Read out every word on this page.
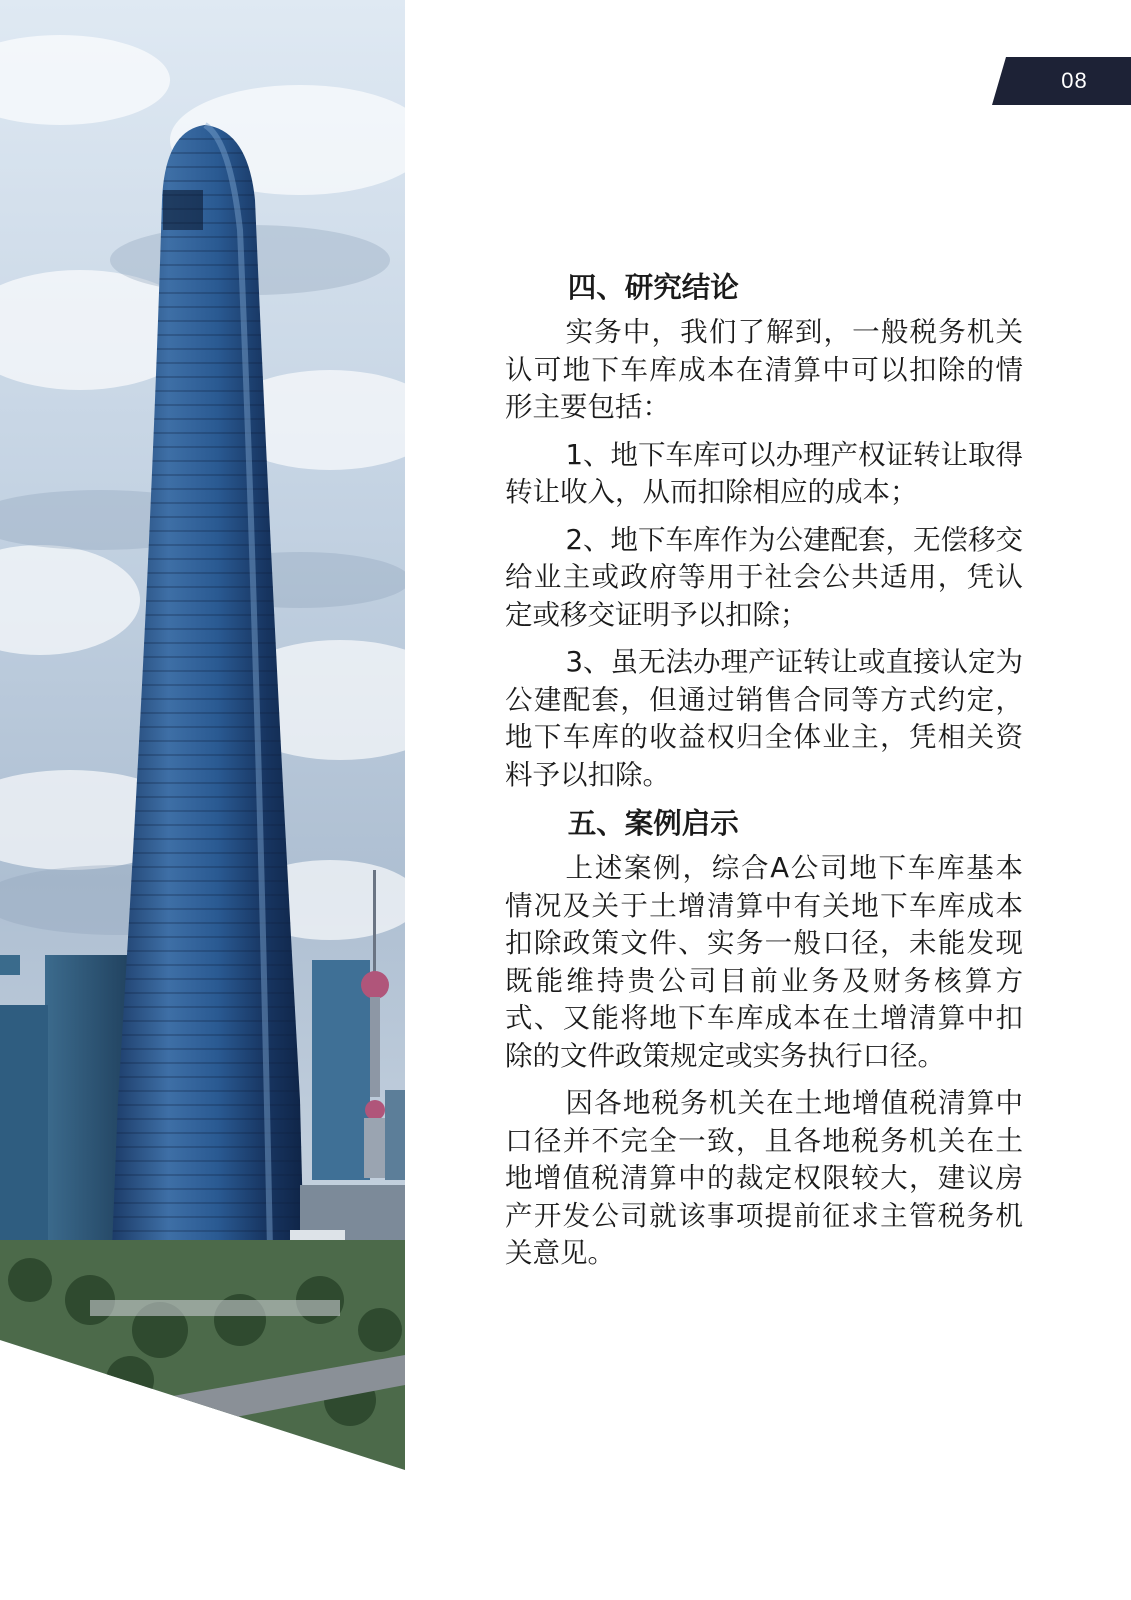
08
四、研究结论

实务中，我们了解到，一般税务机关认可地下车库成本在清算中可以扣除的情形主要包括：

1、地下车库可以办理产权证转让取得转让收入，从而扣除相应的成本；

2、地下车库作为公建配套，无偿移交给业主或政府等用于社会公共适用，凭认定或移交证明予以扣除；

3、虽无法办理产证转让或直接认定为公建配套，但通过销售合同等方式约定，地下车库的收益权归全体业主，凭相关资料予以扣除。

五、案例启示

上述案例，综合A公司地下车库基本情况及关于土增清算中有关地下车库成本扣除政策文件、实务一般口径，未能发现既能维持贵公司目前业务及财务核算方式、又能将地下车库成本在土增清算中扣除的文件政策规定或实务执行口径。

因各地税务机关在土地增值税清算中口径并不完全一致，且各地税务机关在土地增值税清算中的裁定权限较大，建议房产开发公司就该事项提前征求主管税务机关意见。
